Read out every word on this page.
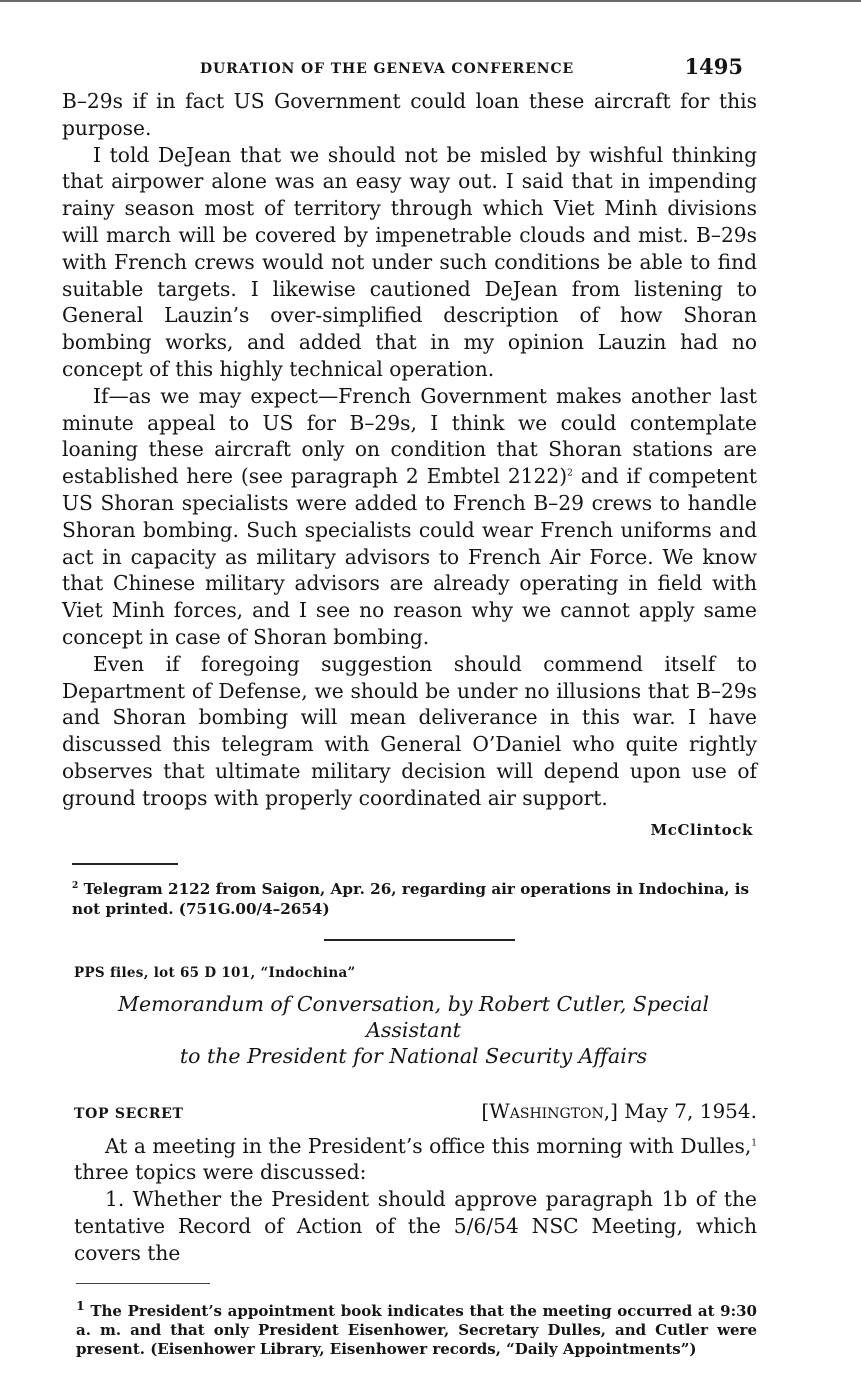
DURATION OF THE GENEVA CONFERENCE	1495

B–29s if in fact US Government could loan these aircraft for this purpose.

I told DeJean that we should not be misled by wishful thinking that airpower alone was an easy way out. I said that in impending rainy season most of territory through which Viet Minh divisions will march will be covered by impenetrable clouds and mist. B–29s with French crews would not under such conditions be able to find suitable targets. I likewise cautioned DeJean from listening to General Lauzin’s over-simplified description of how Shoran bombing works, and added that in my opinion Lauzin had no concept of this highly technical operation.

If—as we may expect—French Government makes another last minute appeal to US for B–29s, I think we could contemplate loaning these aircraft only on condition that Shoran stations are established here (see paragraph 2 Embtel 2122)$^2$ and if competent US Shoran specialists were added to French B–29 crews to handle Shoran bombing. Such specialists could wear French uniforms and act in capacity as military advisors to French Air Force. We know that Chinese military advisors are already operating in field with Viet Minh forces, and I see no reason why we cannot apply same concept in case of Shoran bombing.

Even if foregoing suggestion should commend itself to Department of Defense, we should be under no illusions that B–29s and Shoran bombing will mean deliverance in this war. I have discussed this telegram with General O’Daniel who quite rightly observes that ultimate military decision will depend upon use of ground troops with properly coordinated air support.

McClintock
$^2$ Telegram 2122 from Saigon, Apr. 26, regarding air operations in Indochina, is not printed. (751G.00/4–2654)
PPS files, lot 65 D 101, “Indochina”
Memorandum of Conversation, by Robert Cutler, Special Assistant
to the President for National Security Affairs
TOP SECRET	[Washington,] May 7, 1954.

At a meeting in the President’s office this morning with Dulles,$^1$ three topics were discussed:

1. Whether the President should approve paragraph 1b of the tentative Record of Action of the 5/6/54 NSC Meeting, which covers the

$^1$ The President’s appointment book indicates that the meeting occurred at 9:30 a. m. and that only President Eisenhower, Secretary Dulles, and Cutler were present. (Eisenhower Library, Eisenhower records, “Daily Appointments”)
